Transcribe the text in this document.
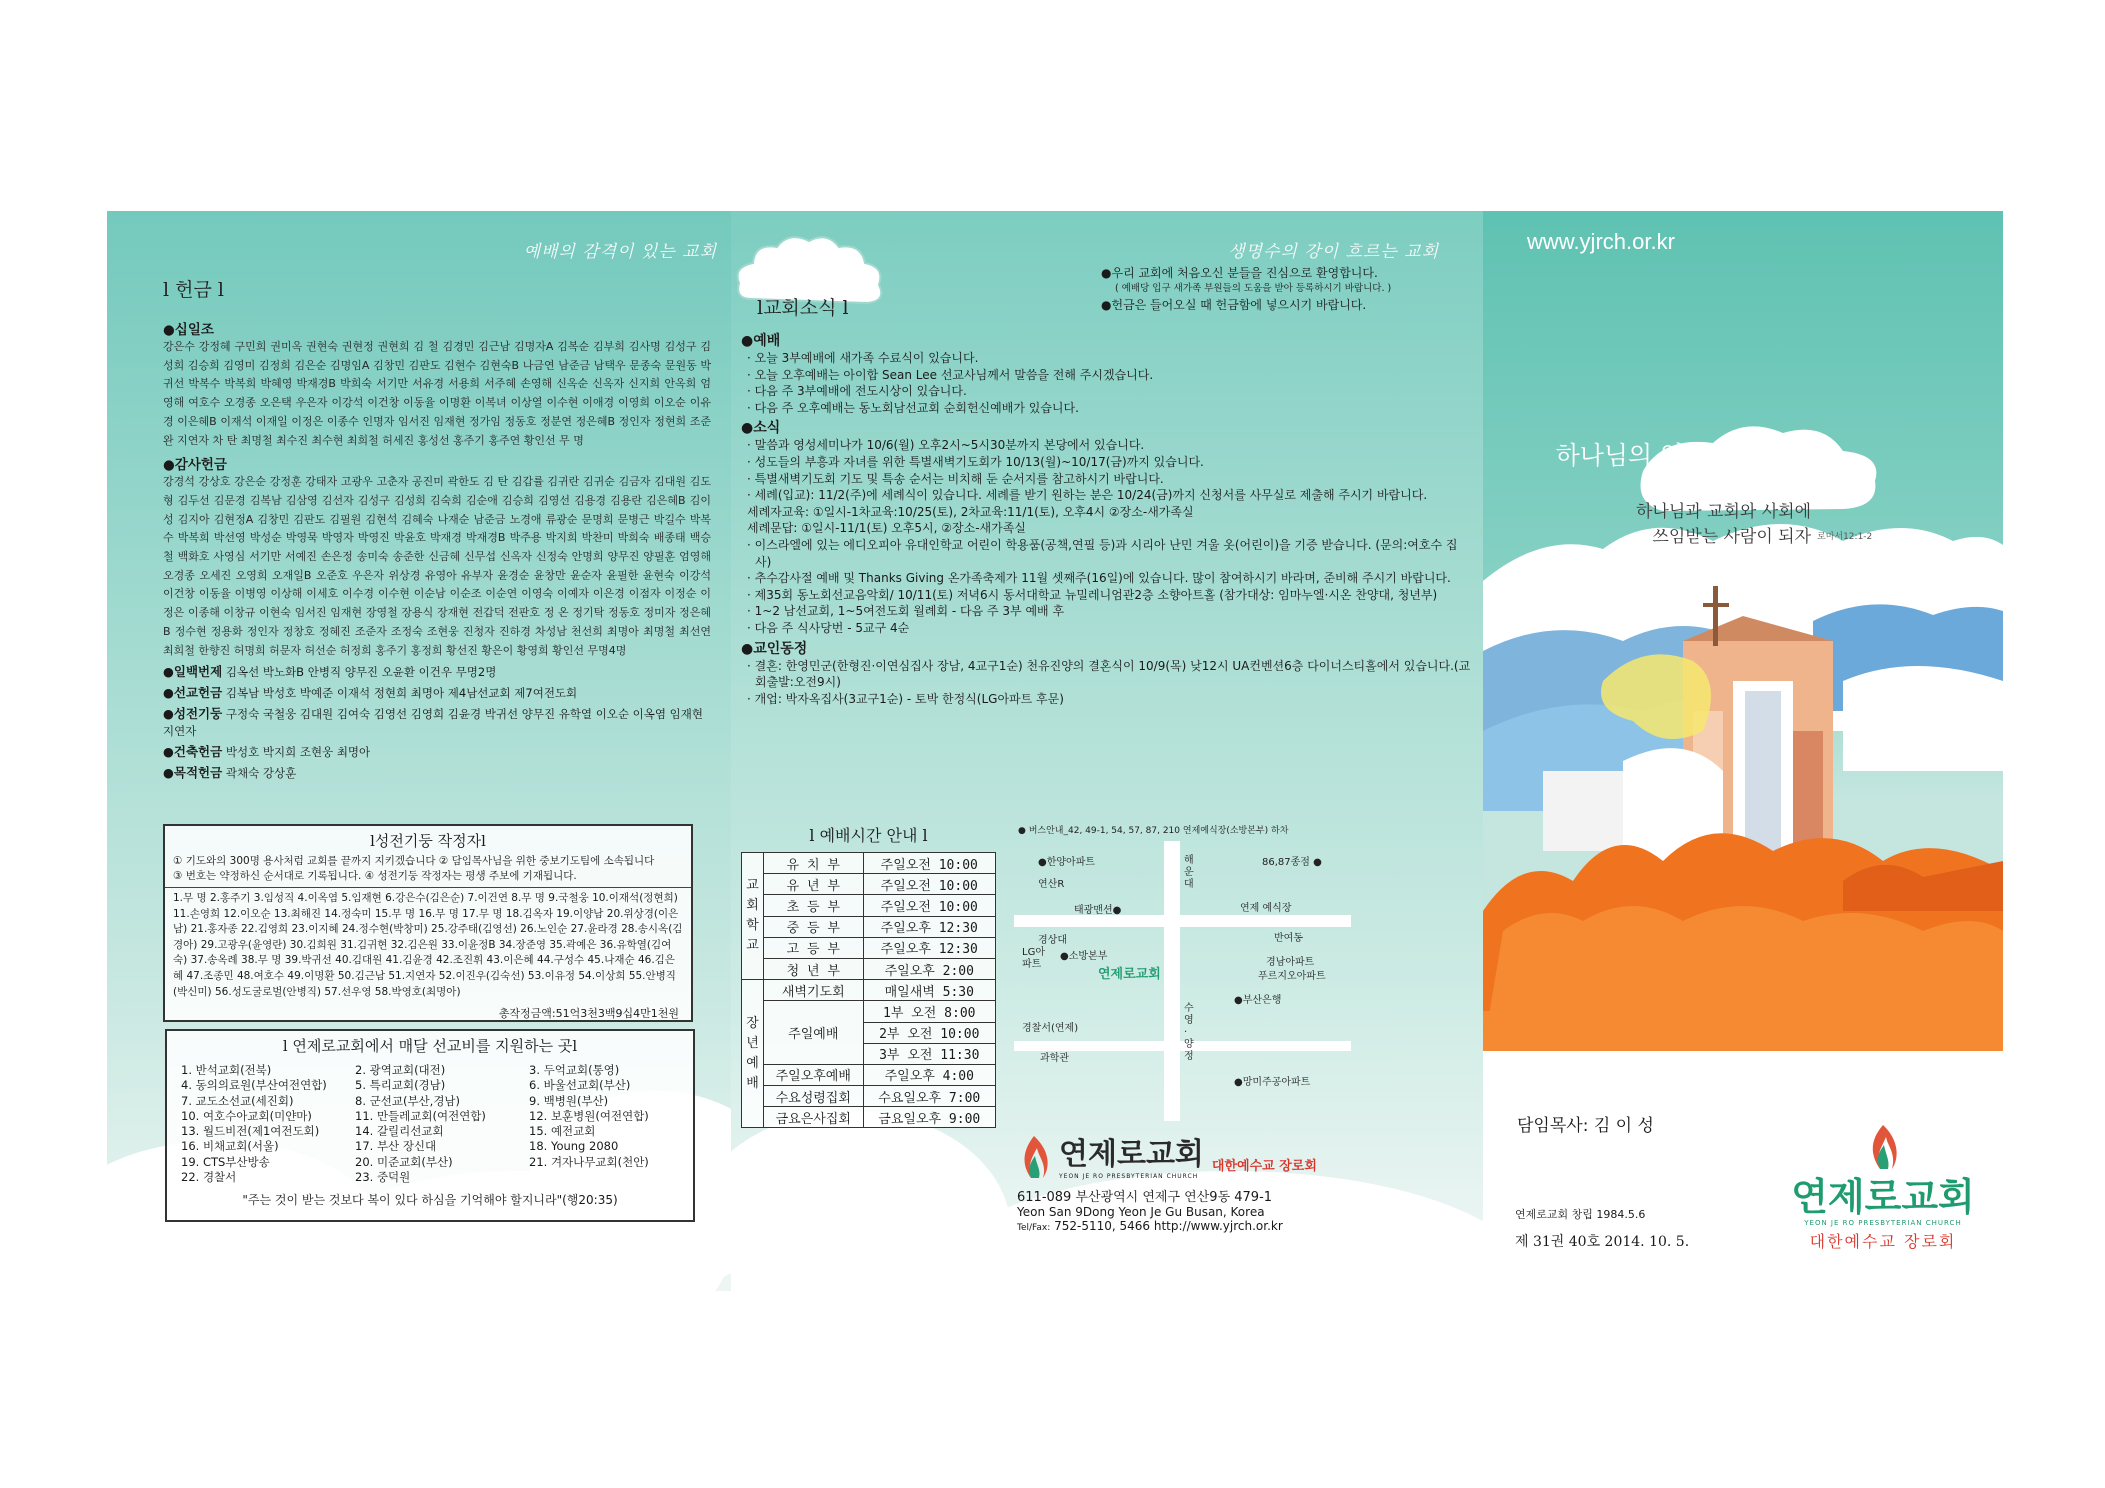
예배의 감격이 있는 교회
l 헌금 l
●십일조
강은수 강정혜 구민희 권미옥 권현숙 권현정 권현희 김 철 김경민 김근남 김명자A 김복순 김부희 김사명 김성구 김성희 김승희 김영미 김정희 김은순 김명임A 김창민 김판도 김현수 김현숙B 나금연 남준금 남택우 문종숙 문원동 박귀선 박복수 박복희 박혜영 박재경B 박희숙 서기만 서유경 서용희 서주혜 손영해 신옥순 신옥자 신지희 안옥희 엄영해 여호수 오경종 오은택 우은자 이강석 이건창 이동율 이명환 이복녀 이상열 이수현 이애경 이영희 이오순 이유경 이은혜B 이재석 이재일 이정은 이종수 인명자 임서진 임재현 정가임 정동호 정분연 정은혜B 정인자 정현희 조준완 지연자 차 탄 최명철 최수진 최수현 최희철 허세진 홍성선 홍주기 홍주연 황인선 무 명
●감사헌금
강경석 강상호 강은순 강정훈 강태자 고광우 고춘자 공진미 곽한도 김 탄 김갑률 김귀란 김귀순 김금자 김대원 김도형 김두선 김문경 김복남 김삼영 김선자 김성구 김성희 김숙희 김순애 김승희 김영선 김용경 김용란 김은혜B 김이성 김지아 김현정A 김창민 김판도 김필원 김현석 김혜숙 나재순 남준금 노경애 류광순 문명희 문병근 박길수 박복수 박복희 박선영 박성순 박영묵 박영자 박영진 박윤호 박재경 박재경B 박주용 박지희 박찬미 박희숙 배종태 백승철 백화호 사영심 서기만 서예진 손은정 송미숙 송준한 신금혜 신무섭 신옥자 신정숙 안명희 양무진 양필훈 엄영해 오경종 오세진 오영희 오재일B 오준호 우은자 위상경 유영아 유부자 윤경순 윤창만 윤순자 윤필한 윤현숙 이강석 이건창 이동율 이병영 이상해 이세호 이수경 이수현 이순남 이순조 이순연 이영숙 이예자 이은경 이점자 이정순 이정은 이종해 이창규 이현숙 임서진 임재현 장영철 장용식 장재현 전갑덕 전판호 정 온 정기탁 정동호 정미자 정은혜B 정수현 정용화 정인자 정창호 정혜진 조준자 조정숙 조현웅 진청자 진하경 차성남 천선희 최명아 최명철 최선연 최희철 한향진 허명희 허문자 허선순 허정희 홍주기 홍정희 황선진 황은이 황영희 황인선 무명4명
●일백번제 김옥선 박노화B 안병직 양무진 오윤환 이건우 무명2명
●선교헌금 김복남 박성호 박예준 이재석 정현희 최명아 제4남선교회 제7여전도회
●성전기둥 구정숙 국철웅 김대원 김여숙 김영선 김영희 김윤경 박귀선 양무진 유학열 이오순 이옥염 임재현 지연자
●건축헌금 박성호 박지희 조현웅 최명아
●목적헌금 곽채숙 강상훈
l성전기둥 작정자l
① 기도와의 300명 용사처럼 교회를 끝까지 지키겠습니다 ② 담임목사님을 위한 중보기도팀에 소속됩니다
③ 번호는 약정하신 순서대로 기록됩니다. ④ 성전기둥 작정자는 평생 주보에 기재됩니다.
1.무 명 2.홍주기 3.임성직 4.이옥염 5.임재현 6.강은수(김은순) 7.이건연 8.무 명 9.국철웅 10.이재석(정현희) 11.손영희 12.이오순 13.최해진 14.정숙미 15.무 명 16.무 명 17.무 명 18.김옥자 19.이양남 20.위상경(이은남) 21.홍자종 22.김영희 23.이지혜 24.정수현(박창미) 25.강주태(김영선) 26.노인순 27.윤라경 28.송시옥(김경아) 29.고광우(윤영란) 30.김희원 31.김귀현 32.김은원 33.이윤정B 34.장준영 35.곽예은 36.유학열(김여숙) 37.송옥례 38.무 명 39.박귀선 40.김대원 41.김윤경 42.조진휘 43.이은혜 44.구성수 45.나재순 46.김은혜 47.조종민 48.여호수 49.이명환 50.김근남 51.지연자 52.이진우(김숙선) 53.이유정 54.이상희 55.안병직(박신미) 56.성도굴로벌(안병직) 57.선우영 58.박영호(최명아)
총작정금액:51억3천3백9십4만1천원
l 연제로교회에서 매달 선교비를 지원하는 곳l
1. 반석교회(전북)	2. 광역교회(대전)	3. 두억교회(통영)
4. 동의의료원(부산여전연합)	5. 특리교회(경남)	6. 바울선교회(부산)
7. 교도소선교(세진회)	8. 군선교(부산,경남)	9. 백병원(부산)
10. 여호수아교회(미얀마)	11. 만들레교회(여전연합)	12. 보훈병원(여전연합)
13. 월드비전(제1여전도회)	14. 갈릴리선교회	15. 예전교회
16. 비채교회(서울)	17. 부산 장신대	18. Young 2080
19. CTS부산방송	20. 미준교회(부산)	21. 겨자나무교회(천안)
22. 경찰서	23. 중덕원
"주는 것이 받는 것보다 복이 있다 하심을 기억해야 할지니라"(행20:35)
생명수의 강이 흐르는 교회
●우리 교회에 처음오신 분들을 진심으로 환영합니다.
( 예배당 입구 새가족 부원들의 도움을 받아 등록하시기 바랍니다. )
●헌금은 들어오실 때 헌금함에 넣으시기 바랍니다.
l교회소식 l
●예배
· 오늘 3부예배에 새가족 수료식이 있습니다.
· 오늘 오후예배는 아이합 Sean Lee 선교사님께서 말씀을 전해 주시겠습니다.
· 다음 주 3부예배에 전도시상이 있습니다.
· 다음 주 오후예배는 동노회남선교회 순회헌신예배가 있습니다.
●소식
· 말씀과 영성세미나가 10/6(월) 오후2시~5시30분까지 본당에서 있습니다.
· 성도들의 부흥과 자녀를 위한 특별새벽기도회가 10/13(월)~10/17(금)까지 있습니다.
· 특별새벽기도회 기도 및 특송 순서는 비치해 둔 순서지를 참고하시기 바랍니다.
· 세례(입교): 11/2(주)에 세례식이 있습니다. 세례를 받기 원하는 분은 10/24(금)까지 신청서를 사무실로 제출해 주시기 바랍니다.
세례자교육: ①일시-1차교육:10/25(토), 2차교육:11/1(토), 오후4시 ②장소-새가족실
세례문답: ①일시-11/1(토) 오후5시, ②장소-새가족실
· 이스라엘에 있는 에디오피아 유대인학교 어린이 학용품(공책,연필 등)과 시리아 난민 겨울 옷(어린이)을 기증 받습니다. (문의:여호수 집사)
· 추수감사절 예배 및 Thanks Giving 온가족축제가 11월 셋째주(16일)에 있습니다. 많이 참여하시기 바라며, 준비해 주시기 바랍니다.
· 제35회 동노회선교음악회/ 10/11(토) 저녁6시 동서대학교 뉴밀레니엄관2층 소향아트홀 (참가대상: 임마누엘·시온 찬양대, 청년부)
· 1~2 남선교회, 1~5여전도회 월례회 - 다음 주 3부 예배 후
· 다음 주 식사당번 - 5교구 4순
●교인동정
· 결혼: 한영민군(한형진·이연심집사 장남, 4교구1순) 천유진양의 결혼식이 10/9(목) 낮12시 UA컨벤션6층 다이너스티홀에서 있습니다.(교회출발:오전9시)
· 개업: 박자옥집사(3교구1순) - 토박 한정식(LG아파트 후문)
l 예배시간 안내 l
교
회
학
교	유 치 부	주일오전 10:00
	유 년 부	주일오전 10:00
	초 등 부	주일오전 10:00
	중 등 부	주일오후 12:30
	고 등 부	주일오후 12:30
	청 년 부	주일오후 2:00

장
년
예
배	새벽기도회	매일새벽 5:30
	주일예배	1부 오전 8:00
		2부 오전 10:00
		3부 오전 11:30
	주일오후예배	주일오후 4:00
	수요성령집회	수요일오후 7:00
	금요은사집회	금요일오후 9:00
● 버스안내_42, 49-1, 54, 57, 87, 210 연제예식장(소방본부) 하차
●한양아파트
연산R
해운대
86,87종점 ●
태광맨션●	연제 예식장
경상대	반여동
LG아파트
●소방본부
경남아파트
푸르지오아파트
연제로교회
●부산은행
경찰서(연제)
과학관
수영·양정
●망미주공아파트
연제로교회
YEON JE RO PRESBYTERIAN CHURCH
대한예수교 장로회
611-089 부산광역시 연제구 연산9동 479-1
Yeon San 9Dong Yeon Je Gu Busan, Korea
Tel/Fax: 752-5110, 5466 http://www.yjrch.or.kr
www.yjrch.or.kr
하나님의 영광을 위하여
하나님과 교회와 사회에
쓰임받는 사람이 되자 로마서12:1-2
담임목사: 김 이 성
연제로교회 창립 1984.5.6
제 31권 40호 2014. 10. 5.
연제로교회
YEON JE RO PRESBYTERIAN CHURCH
대한예수교 장로회
